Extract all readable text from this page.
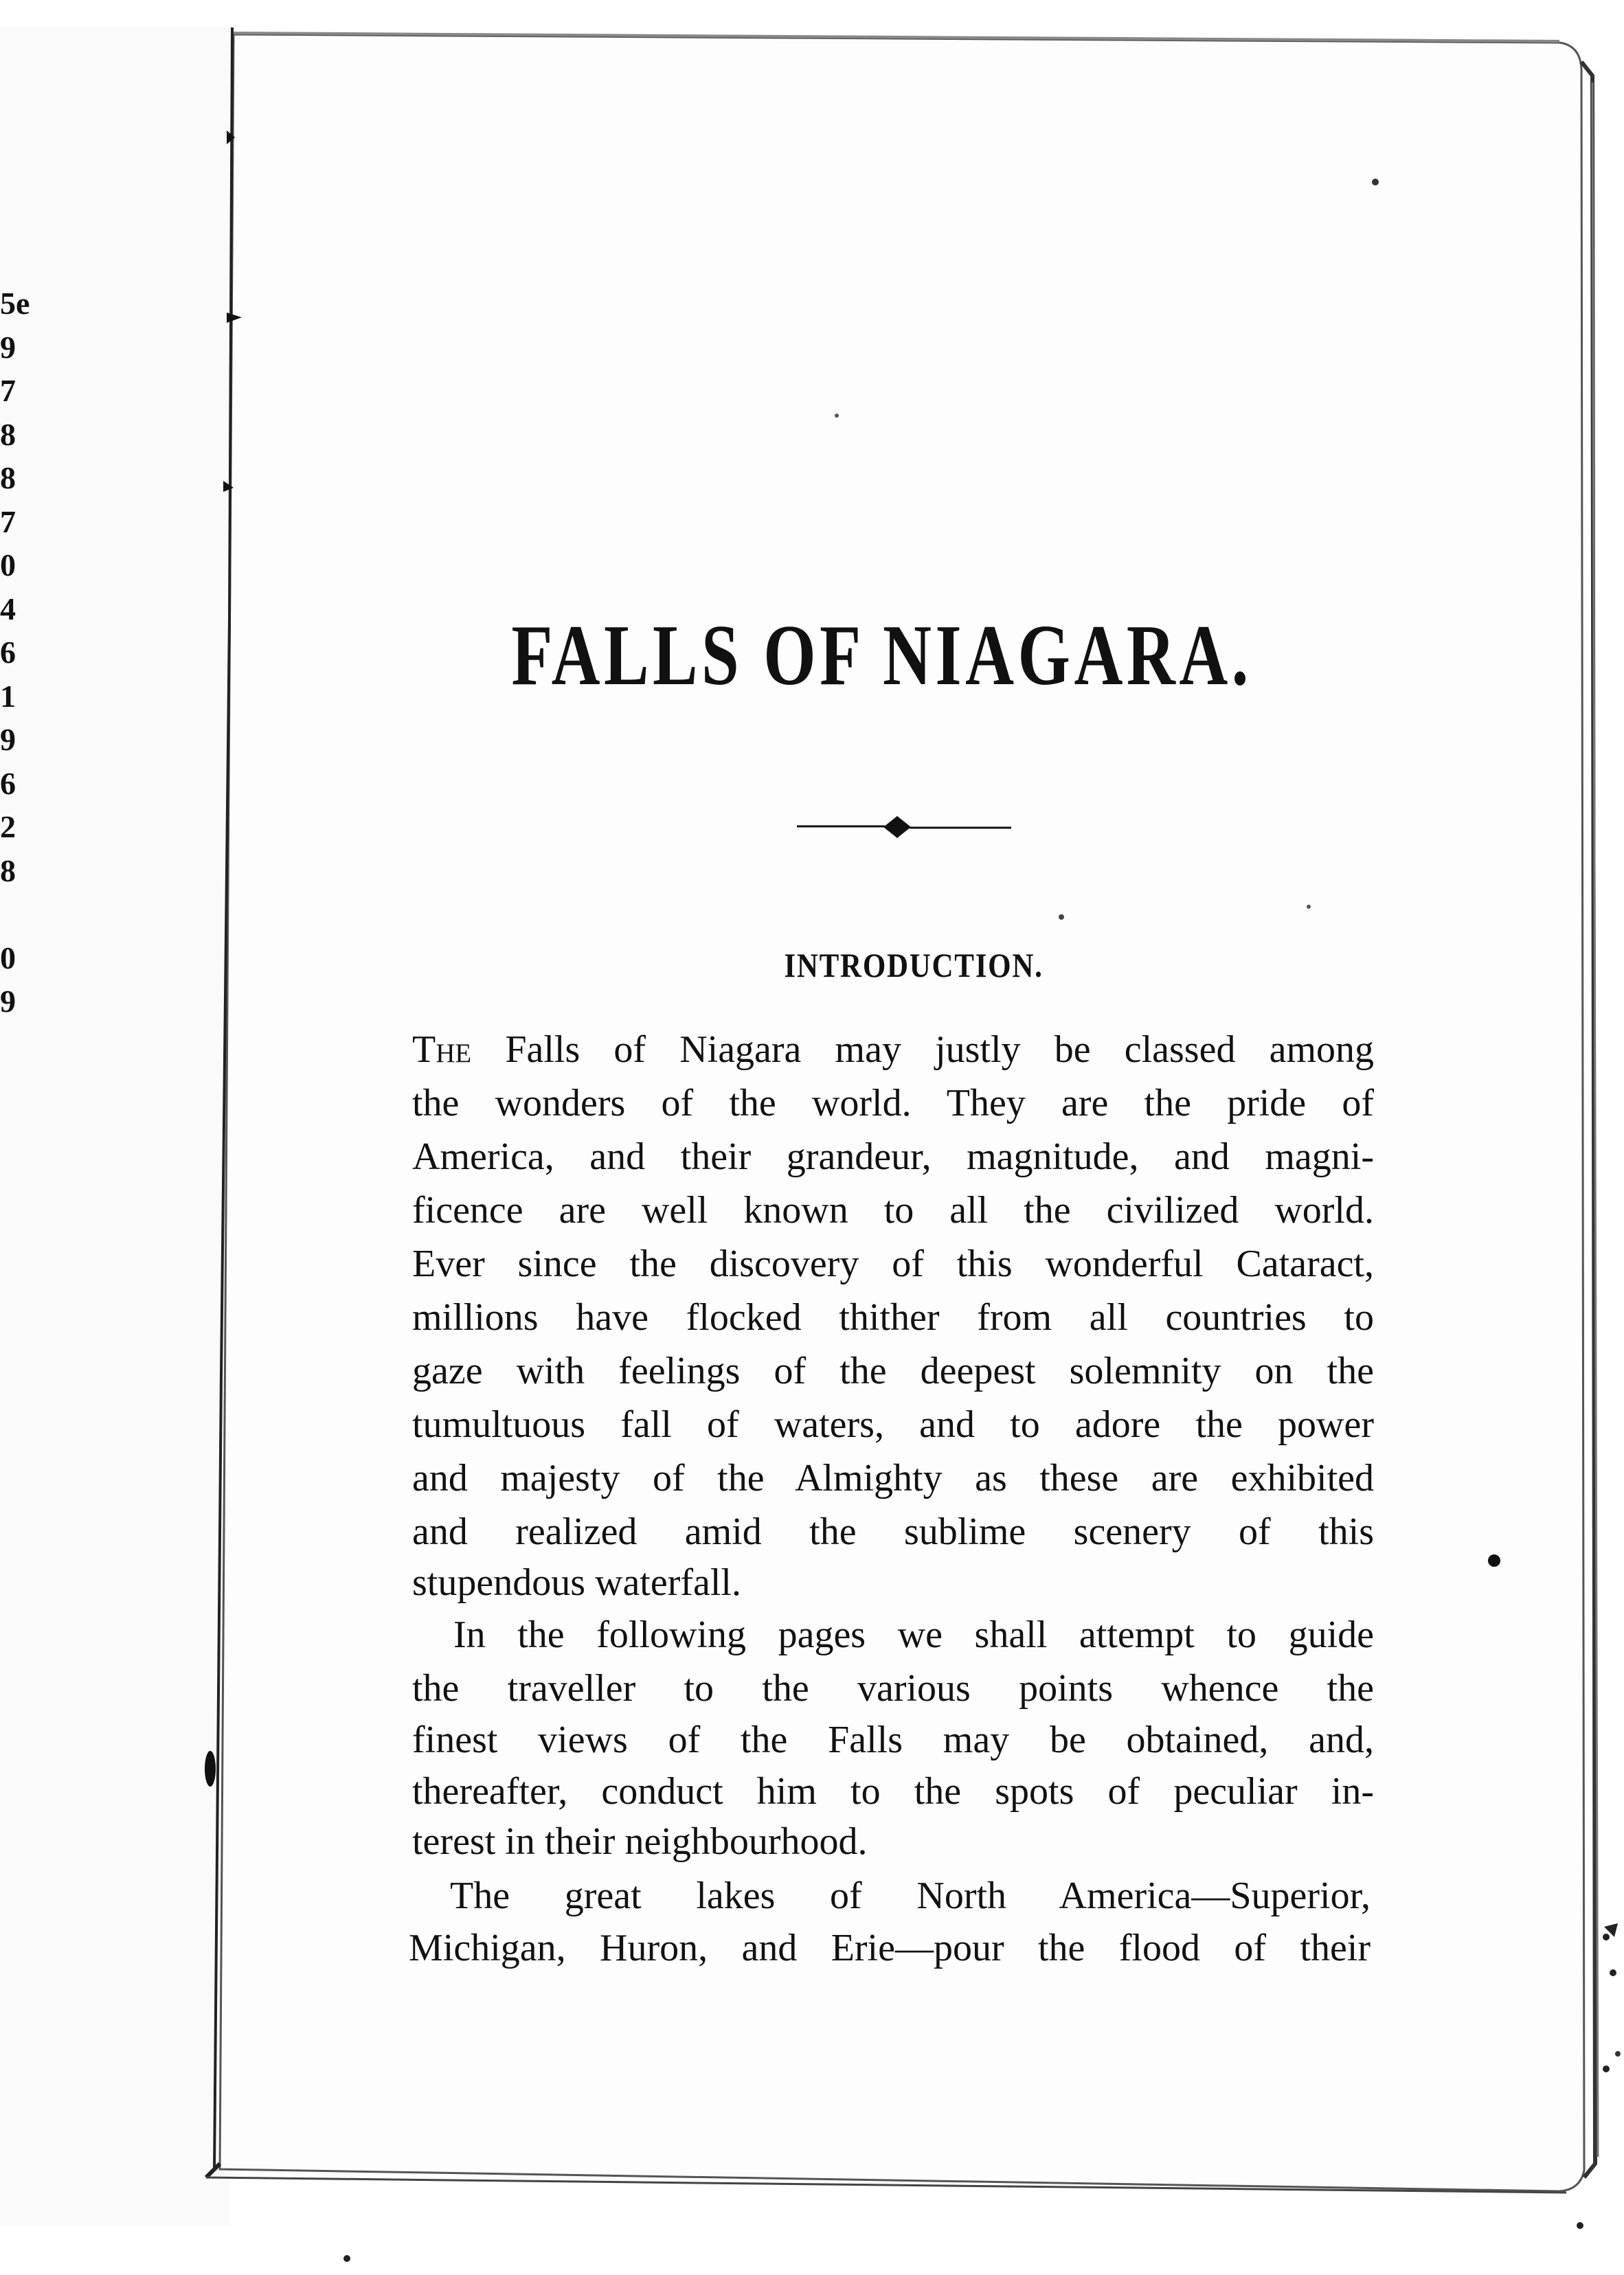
5e
9
7
8
8
7
0
4
6
1
9
6
2
8
0
9
FALLS OF NIAGARA.
INTRODUCTION.
The Falls of Niagara may justly be classed among
the wonders of the world. They are the pride of
America, and their grandeur, magnitude, and magni-
ficence are well known to all the civilized world.
Ever since the discovery of this wonderful Cataract,
millions have flocked thither from all countries to
gaze with feelings of the deepest solemnity on the
tumultuous fall of waters, and to adore the power
and majesty of the Almighty as these are exhibited
and realized amid the sublime scenery of this
stupendous waterfall.
In the following pages we shall attempt to guide
the traveller to the various points whence the
finest views of the Falls may be obtained, and,
thereafter, conduct him to the spots of peculiar in-
terest in their neighbourhood.
The great lakes of North America—Superior,
Michigan, Huron, and Erie—pour the flood of their
